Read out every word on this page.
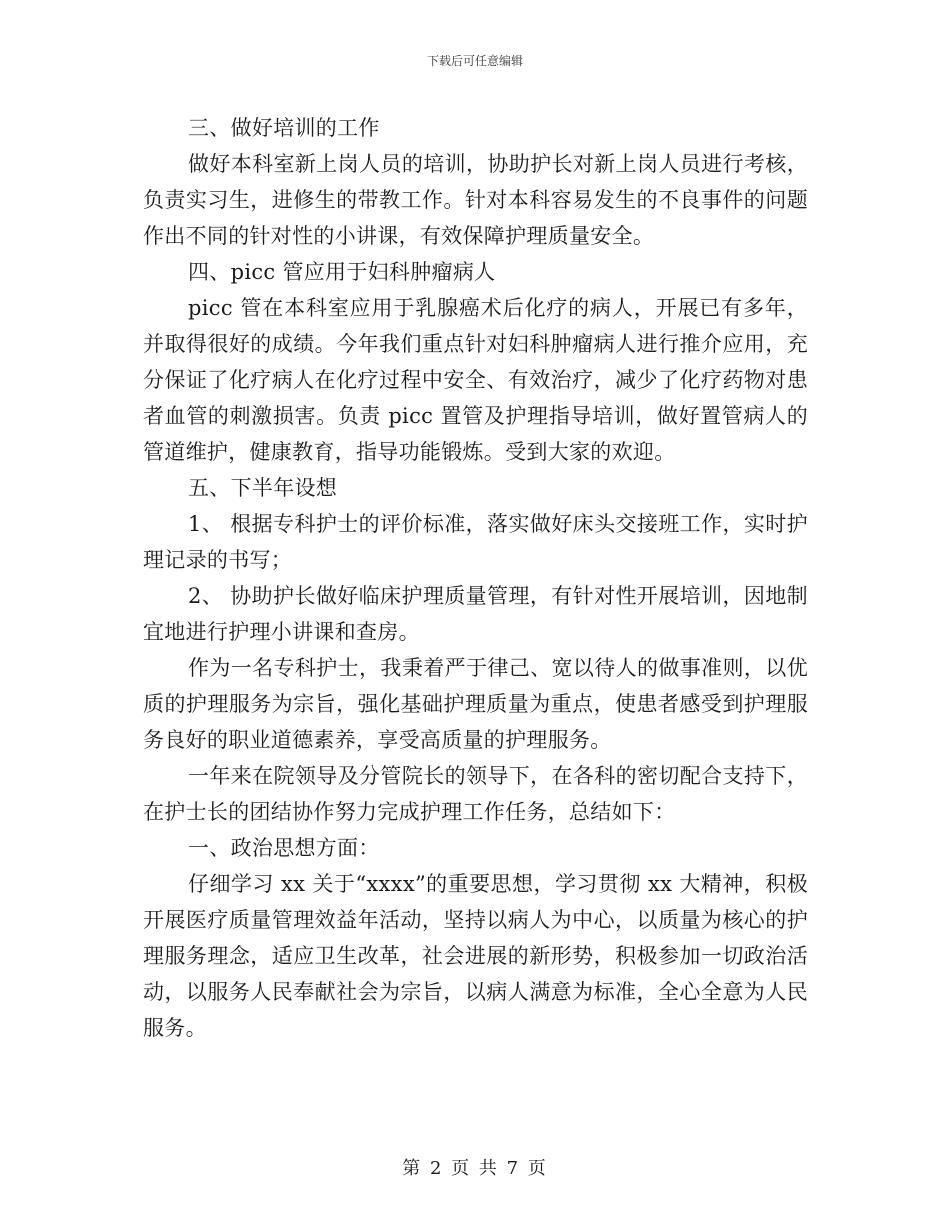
下载后可任意编辑

三、做好培训的工作

做好本科室新上岗人员的培训，协助护长对新上岗人员进行考核，负责实习生，进修生的带教工作。针对本科容易发生的不良事件的问题作出不同的针对性的小讲课，有效保障护理质量安全。

四、picc 管应用于妇科肿瘤病人

picc 管在本科室应用于乳腺癌术后化疗的病人，开展已有多年，并取得很好的成绩。今年我们重点针对妇科肿瘤病人进行推介应用，充分保证了化疗病人在化疗过程中安全、有效治疗，减少了化疗药物对患者血管的刺激损害。负责 picc 置管及护理指导培训，做好置管病人的管道维护，健康教育，指导功能锻炼。受到大家的欢迎。

五、下半年设想

1、 根据专科护士的评价标准，落实做好床头交接班工作，实时护理记录的书写；

2、 协助护长做好临床护理质量管理，有针对性开展培训，因地制宜地进行护理小讲课和查房。

作为一名专科护士，我秉着严于律己、宽以待人的做事准则，以优质的护理服务为宗旨，强化基础护理质量为重点，使患者感受到护理服务良好的职业道德素养，享受高质量的护理服务。

一年来在院领导及分管院长的领导下，在各科的密切配合支持下，在护士长的团结协作努力完成护理工作任务，总结如下：

一、政治思想方面：

仔细学习 xx 关于“xxxx”的重要思想，学习贯彻 xx 大精神，积极开展医疗质量管理效益年活动，坚持以病人为中心，以质量为核心的护理服务理念，适应卫生改革，社会进展的新形势，积极参加一切政治活动，以服务人民奉献社会为宗旨，以病人满意为标准，全心全意为人民服务。

第 2 页 共 7 页
